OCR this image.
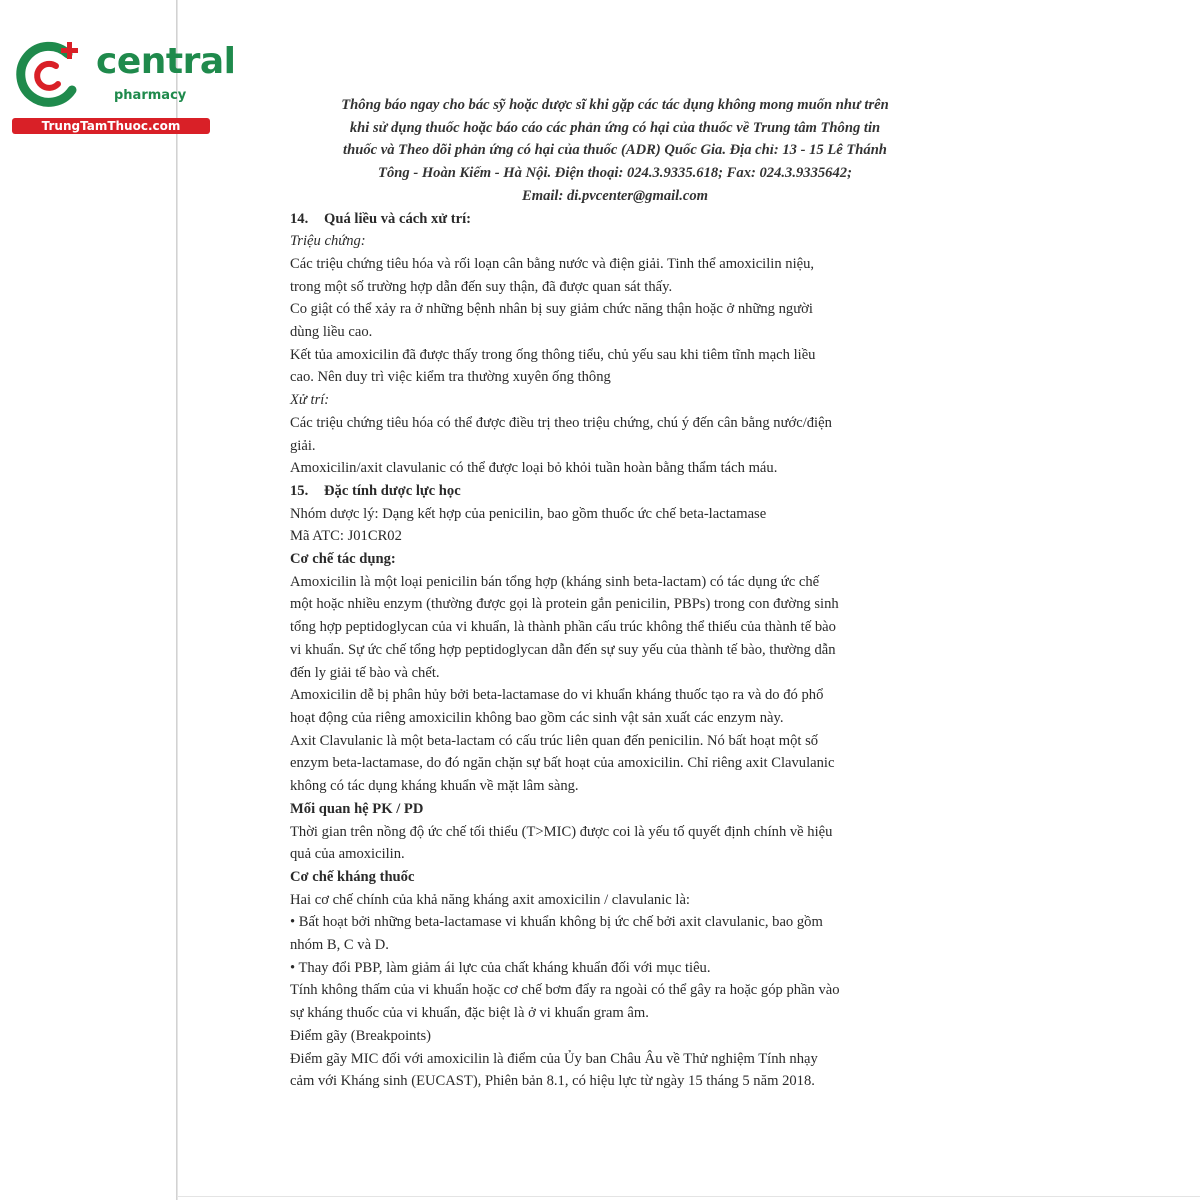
central
pharmacy
TrungTamThuoc.com

Thông báo ngay cho bác sỹ hoặc dược sĩ khi gặp các tác dụng không mong muốn như trên

khi sử dụng thuốc hoặc báo cáo các phản ứng có hại của thuốc về Trung tâm Thông tin

thuốc và Theo dõi phản ứng có hại của thuốc (ADR) Quốc Gia. Địa chỉ: 13 - 15 Lê Thánh

Tông - Hoàn Kiếm - Hà Nội. Điện thoại: 024.3.9335.618; Fax: 024.3.9335642;

Email: di.pvcenter@gmail.com

14. Quá liều và cách xử trí:

Triệu chứng:

Các triệu chứng tiêu hóa và rối loạn cân bằng nước và điện giải. Tinh thể amoxicilin niệu,

trong một số trường hợp dẫn đến suy thận, đã được quan sát thấy.

Co giật có thể xảy ra ở những bệnh nhân bị suy giảm chức năng thận hoặc ở những người

dùng liều cao.

Kết tủa amoxicilin đã được thấy trong ống thông tiểu, chủ yếu sau khi tiêm tĩnh mạch liều

cao. Nên duy trì việc kiểm tra thường xuyên ống thông

Xử trí:

Các triệu chứng tiêu hóa có thể được điều trị theo triệu chứng, chú ý đến cân bằng nước/điện

giải.

Amoxicilin/axit clavulanic có thể được loại bỏ khỏi tuần hoàn bằng thẩm tách máu.

15. Đặc tính dược lực học

Nhóm dược lý: Dạng kết hợp của penicilin, bao gồm thuốc ức chế beta-lactamase

Mã ATC: J01CR02

Cơ chế tác dụng:

Amoxicilin là một loại penicilin bán tổng hợp (kháng sinh beta-lactam) có tác dụng ức chế

một hoặc nhiều enzym (thường được gọi là protein gắn penicilin, PBPs) trong con đường sinh

tổng hợp peptidoglycan của vi khuẩn, là thành phần cấu trúc không thể thiếu của thành tế bào

vi khuẩn. Sự ức chế tổng hợp peptidoglycan dẫn đến sự suy yếu của thành tế bào, thường dẫn

đến ly giải tế bào và chết.

Amoxicilin dễ bị phân hủy bởi beta-lactamase do vi khuẩn kháng thuốc tạo ra và do đó phổ

hoạt động của riêng amoxicilin không bao gồm các sinh vật sản xuất các enzym này.

Axit Clavulanic là một beta-lactam có cấu trúc liên quan đến penicilin. Nó bất hoạt một số

enzym beta-lactamase, do đó ngăn chặn sự bất hoạt của amoxicilin. Chỉ riêng axit Clavulanic

không có tác dụng kháng khuẩn về mặt lâm sàng.

Mối quan hệ PK / PD

Thời gian trên nồng độ ức chế tối thiểu (T>MIC) được coi là yếu tố quyết định chính về hiệu

quả của amoxicilin.

Cơ chế kháng thuốc

Hai cơ chế chính của khả năng kháng axit amoxicilin / clavulanic là:

• Bất hoạt bởi những beta-lactamase vi khuẩn không bị ức chế bởi axit clavulanic, bao gồm

nhóm B, C và D.

• Thay đổi PBP, làm giảm ái lực của chất kháng khuẩn đối với mục tiêu.

Tính không thấm của vi khuẩn hoặc cơ chế bơm đẩy ra ngoài có thể gây ra hoặc góp phần vào

sự kháng thuốc của vi khuẩn, đặc biệt là ở vi khuẩn gram âm.

Điểm gãy (Breakpoints)

Điểm gãy MIC đối với amoxicilin là điểm của Ủy ban Châu Âu về Thử nghiệm Tính nhạy

cảm với Kháng sinh (EUCAST), Phiên bản 8.1, có hiệu lực từ ngày 15 tháng 5 năm 2018.
